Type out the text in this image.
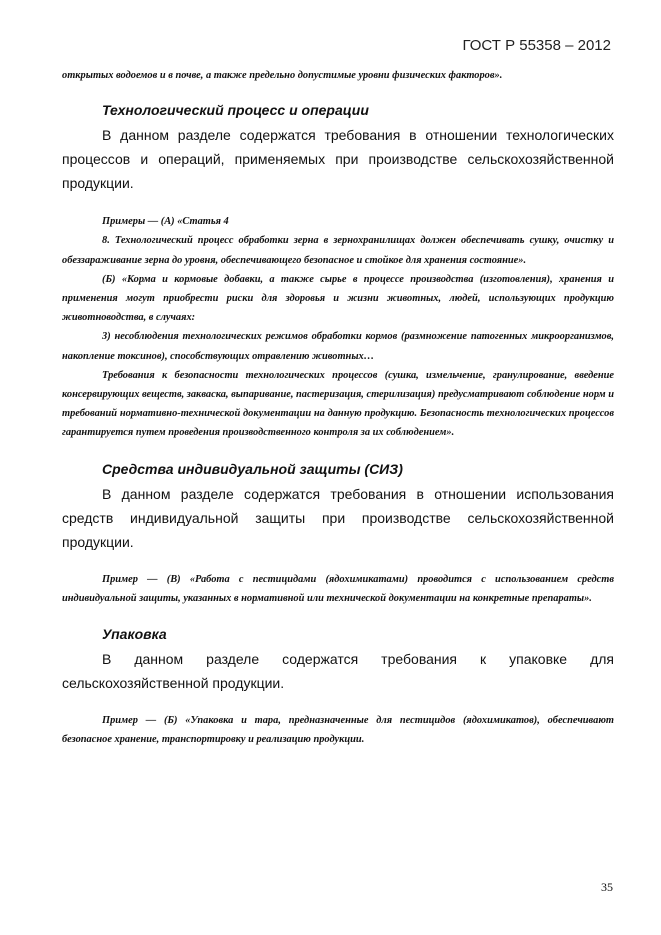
ГОСТ Р 55358 – 2012

открытых водоемов и в почве, а также предельно допустимые уровни физических факторов».

Технологический процесс и операции

В данном разделе содержатся требования в отношении технологических процессов и операций, применяемых при производстве сельскохозяйственной продукции.

Примеры — (А) «Статья 4

8. Технологический процесс обработки зерна в зернохранилищах должен обеспечивать сушку, очистку и обеззараживание зерна до уровня, обеспечивающего безопасное и стойкое для хранения состояние».

(Б) «Корма и кормовые добавки, а также сырье в процессе производства (изготовления), хранения и применения могут приобрести риски для здоровья и жизни животных, людей, использующих продукцию животноводства, в случаях:

3) несоблюдения технологических режимов обработки кормов (размножение патогенных микроорганизмов, накопление токсинов), способствующих отравлению животных…

Требования к безопасности технологических процессов (сушка, измельчение, гранулирование, введение консервирующих веществ, закваска, выпаривание, пастеризация, стерилизация) предусматривают соблюдение норм и требований нормативно-технической документации на данную продукцию. Безопасность технологических процессов гарантируется путем проведения производственного контроля за их соблюдением».

Средства индивидуальной защиты (СИЗ)

В данном разделе содержатся требования в отношении использования средств индивидуальной защиты при производстве сельскохозяйственной продукции.

Пример — (В) «Работа с пестицидами (ядохимикатами) проводится с использованием средств индивидуальной защиты, указанных в нормативной или технической документации на конкретные препараты».

Упаковка

В данном разделе содержатся требования к упаковке для сельскохозяйственной продукции.

Пример — (Б) «Упаковка и тара, предназначенные для пестицидов (ядохимикатов), обеспечивают безопасное хранение, транспортировку и реализацию продукции.

35
